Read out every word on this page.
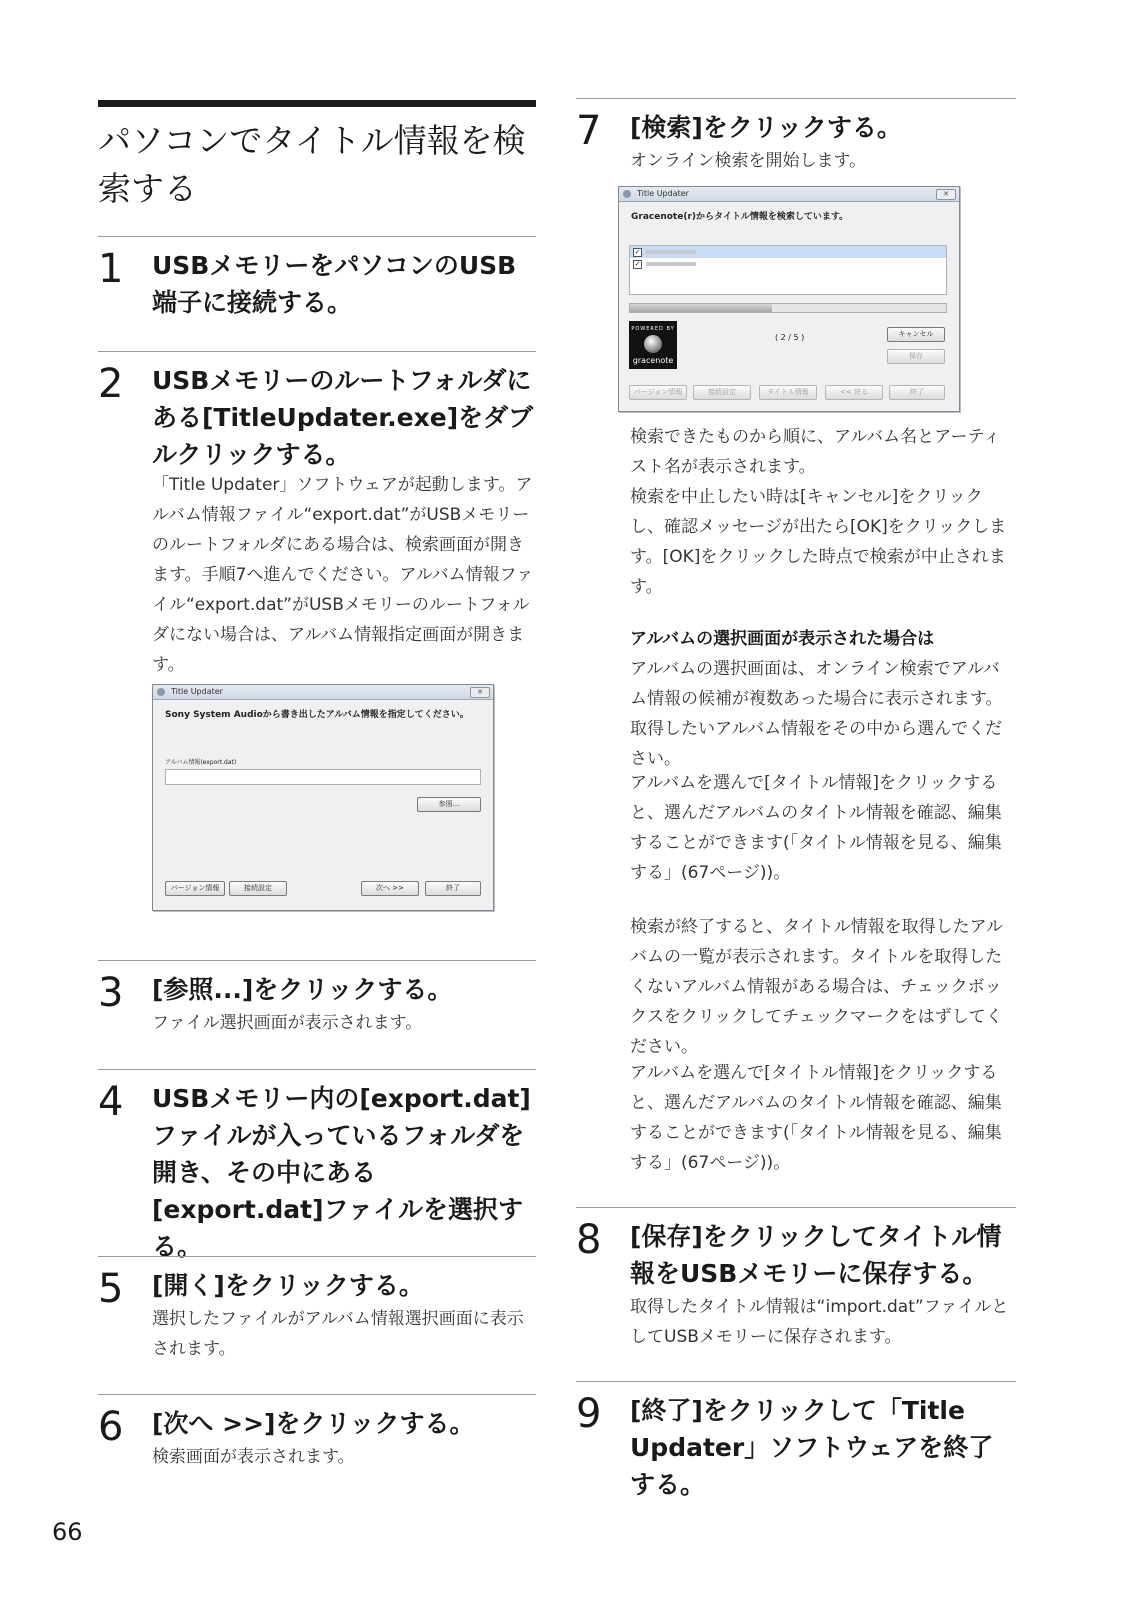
パソコンでタイトル情報を検索する
1 USBメモリーをパソコンのUSB端子に接続する。
2 USBメモリーのルートフォルダにある[TitleUpdater.exe]をダブルクリックする。

「Title Updater」ソフトウェアが起動します。アルバム情報ファイル“export.dat”がUSBメモリーのルートフォルダにある場合は、検索画面が開きます。手順7へ進んでください。アルバム情報ファイル“export.dat”がUSBメモリーのルートフォルダにない場合は、アルバム情報指定画面が開きます。

Title Updater	✕
Sony System Audioから書き出したアルバム情報を指定してください。
アルバム情報(export.dat)
参照...
バージョン情報	接続設定	次へ >>	終了
3 [参照...]をクリックする。

ファイル選択画面が表示されます。

4 USBメモリー内の[export.dat]ファイルが入っているフォルダを開き、その中にある[export.dat]ファイルを選択する。
5 [開く]をクリックする。

選択したファイルがアルバム情報選択画面に表示されます。

6 [次へ >>]をクリックする。

検索画面が表示されます。

7 [検索]をクリックする。

オンライン検索を開始します。

Title Updater	✕
Gracenote(r)からタイトル情報を検索しています。
✓
✓
POWERED BY
gracenote
( 2 / 5 )	キャンセル
保存
バージョン情報	接続設定	タイトル情報	<< 戻る	終了

検索できたものから順に、アルバム名とアーティスト名が表示されます。

検索を中止したい時は[キャンセル]をクリックし、確認メッセージが出たら[OK]をクリックします。[OK]をクリックした時点で検索が中止されます。

アルバムの選択画面が表示された場合は

アルバムの選択画面は、オンライン検索でアルバム情報の候補が複数あった場合に表示されます。取得したいアルバム情報をその中から選んでください。

アルバムを選んで[タイトル情報]をクリックすると、選んだアルバムのタイトル情報を確認、編集することができます(「タイトル情報を見る、編集する」(67ページ))。

検索が終了すると、タイトル情報を取得したアルバムの一覧が表示されます。タイトルを取得したくないアルバム情報がある場合は、チェックボックスをクリックしてチェックマークをはずしてください。

アルバムを選んで[タイトル情報]をクリックすると、選んだアルバムのタイトル情報を確認、編集することができます(「タイトル情報を見る、編集する」(67ページ))。

8 [保存]をクリックしてタイトル情報をUSBメモリーに保存する。

取得したタイトル情報は“import.dat”ファイルとしてUSBメモリーに保存されます。

9 [終了]をクリックして「Title Updater」ソフトウェアを終了する。
66
